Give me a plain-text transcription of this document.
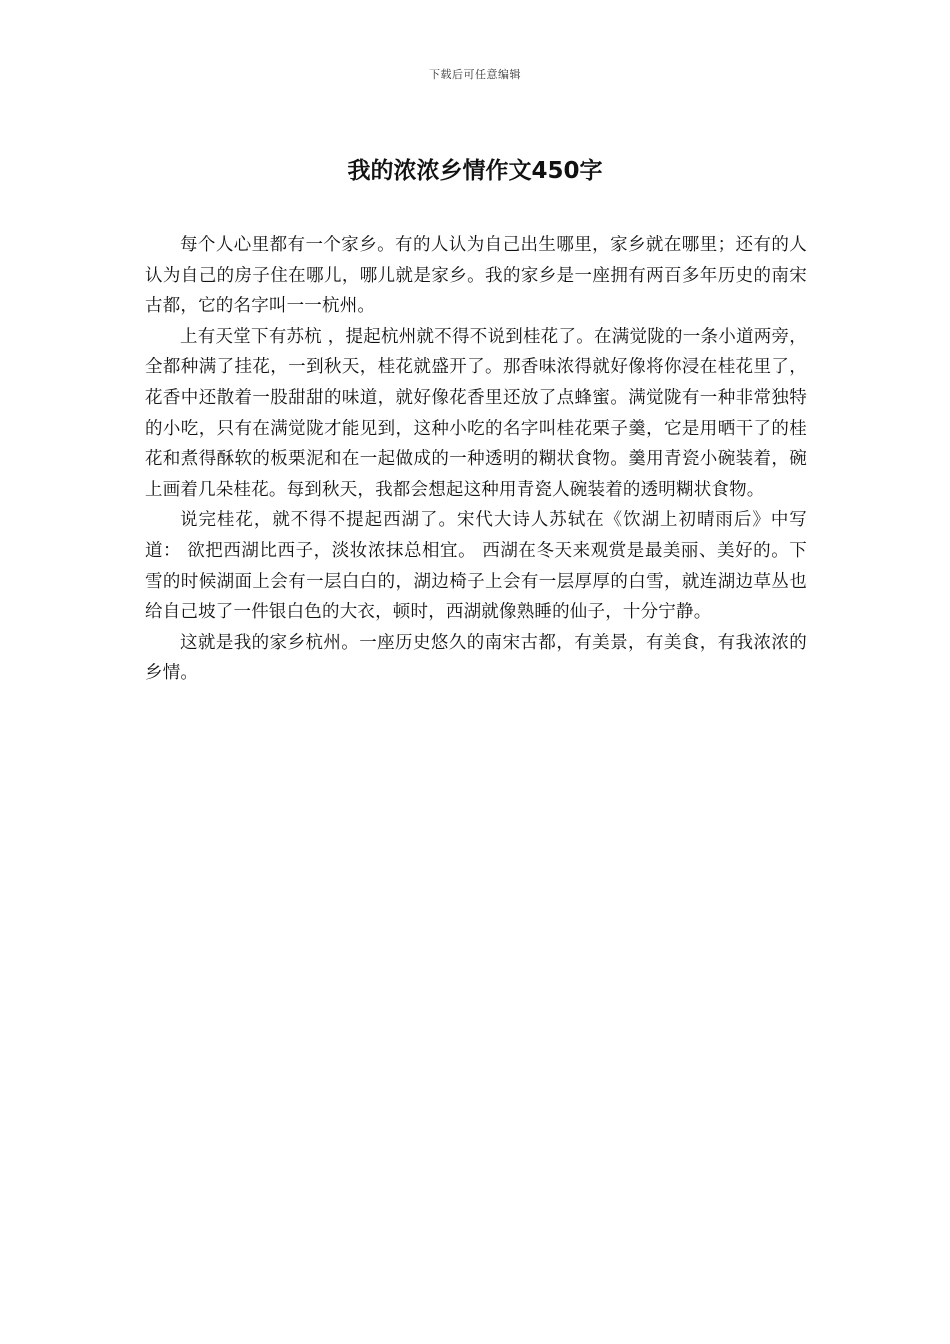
下载后可任意编辑
我的浓浓乡情作文450字

每个人心里都有一个家乡。有的人认为自己出生哪里，家乡就在哪里；还有的人认为自己的房子住在哪儿，哪儿就是家乡。我的家乡是一座拥有两百多年历史的南宋古都，它的名字叫一一杭州。

上有天堂下有苏杭 ，提起杭州就不得不说到桂花了。在满觉陇的一条小道两旁，全都种满了挂花，一到秋天，桂花就盛开了。那香味浓得就好像将你浸在桂花里了，花香中还散着一股甜甜的味道，就好像花香里还放了点蜂蜜。满觉陇有一种非常独特的小吃，只有在满觉陇才能见到，这种小吃的名字叫桂花栗子羹，它是用晒干了的桂花和煮得酥软的板栗泥和在一起做成的一种透明的糊状食物。羹用青瓷小碗装着，碗上画着几朵桂花。每到秋天，我都会想起这种用青瓷人碗装着的透明糊状食物。

说完桂花，就不得不提起西湖了。宋代大诗人苏轼在《饮湖上初晴雨后》中写道： 欲把西湖比西子，淡妆浓抹总相宜。 西湖在冬天来观赏是最美丽、美好的。下雪的时候湖面上会有一层白白的，湖边椅子上会有一层厚厚的白雪，就连湖边草丛也给自己坡了一件银白色的大衣，顿时，西湖就像熟睡的仙子，十分宁静。

这就是我的家乡杭州。一座历史悠久的南宋古都，有美景，有美食，有我浓浓的乡情。
